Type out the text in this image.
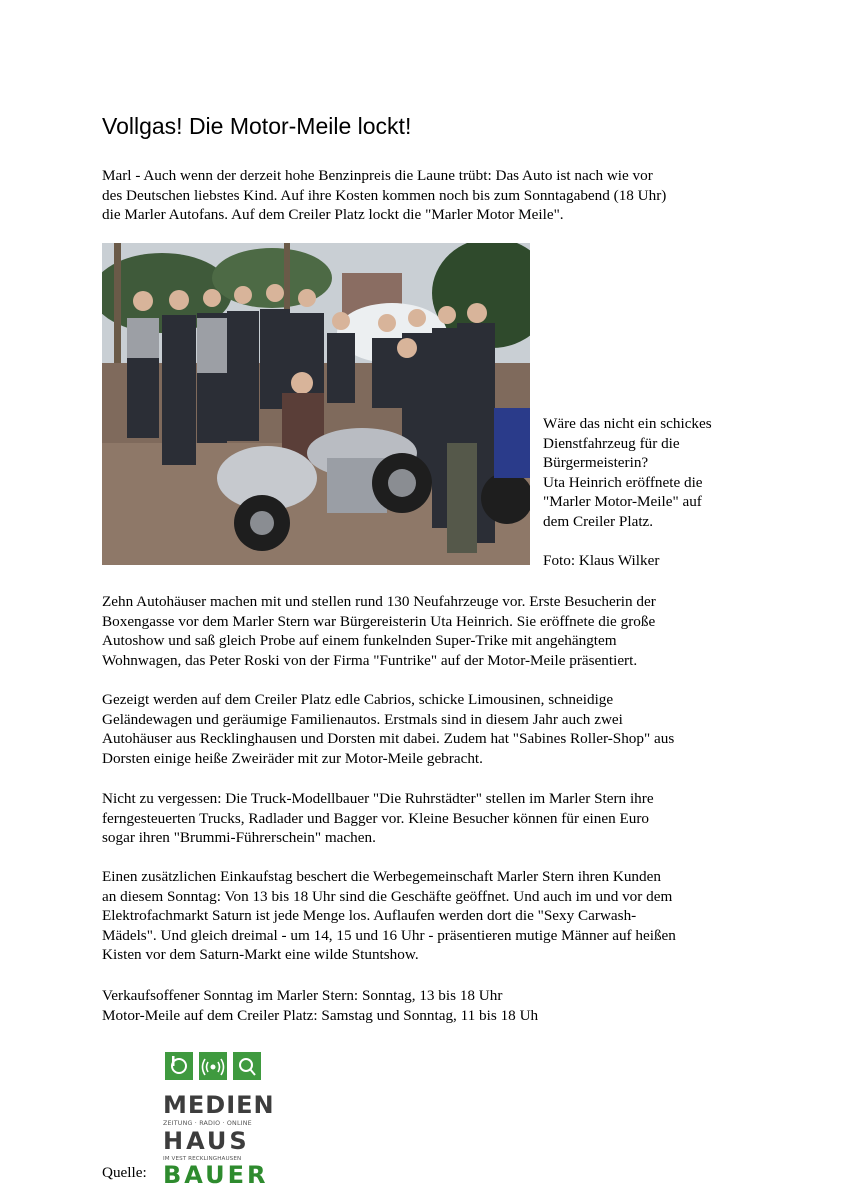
Vollgas! Die Motor-Meile lockt!
Marl - Auch wenn der derzeit hohe Benzinpreis die Laune trübt: Das Auto ist nach wie vor
des Deutschen liebstes Kind. Auf ihre Kosten kommen noch bis zum Sonntagabend (18 Uhr)
die Marler Autofans. Auf dem Creiler Platz lockt die "Marler Motor Meile".
Wäre das nicht ein schickes
Dienstfahrzeug für die
Bürgermeisterin?
Uta Heinrich eröffnete die
"Marler Motor-Meile" auf
dem Creiler Platz.

Foto: Klaus Wilker
Zehn Autohäuser machen mit und stellen rund 130 Neufahrzeuge vor. Erste Besucherin der
Boxengasse vor dem Marler Stern war Bürgereisterin Uta Heinrich. Sie eröffnete die große
Autoshow und saß gleich Probe auf einem funkelnden Super-Trike mit angehängtem
Wohnwagen, das Peter Roski von der Firma "Funtrike" auf der Motor-Meile präsentiert.
Gezeigt werden auf dem Creiler Platz edle Cabrios, schicke Limousinen, schneidige
Geländewagen und geräumige Familienautos. Erstmals sind in diesem Jahr auch zwei
Autohäuser aus Recklinghausen und Dorsten mit dabei. Zudem hat "Sabines Roller-Shop" aus
Dorsten einige heiße Zweiräder mit zur Motor-Meile gebracht.
Nicht zu vergessen: Die Truck-Modellbauer "Die Ruhrstädter" stellen im Marler Stern ihre
ferngesteuerten Trucks, Radlader und Bagger vor. Kleine Besucher können für einen Euro
sogar ihren "Brummi-Führerschein" machen.
Einen zusätzlichen Einkaufstag beschert die Werbegemeinschaft Marler Stern ihren Kunden
an diesem Sonntag: Von 13 bis 18 Uhr sind die Geschäfte geöffnet. Und auch im und vor dem
Elektrofachmarkt Saturn ist jede Menge los. Auflaufen werden dort die "Sexy Carwash-
Mädels". Und gleich dreimal - um 14, 15 und 16 Uhr - präsentieren mutige Männer auf heißen
Kisten vor dem Saturn-Markt eine wilde Stuntshow.
Verkaufsoffener Sonntag im Marler Stern: Sonntag, 13 bis 18 Uhr
Motor-Meile auf dem Creiler Platz: Samstag und Sonntag, 11 bis 18 Uh
Quelle:
MEDIEN
ZEITUNG · RADIO · ONLINE
HAUS
IM VEST RECKLINGHAUSEN
BAUER
